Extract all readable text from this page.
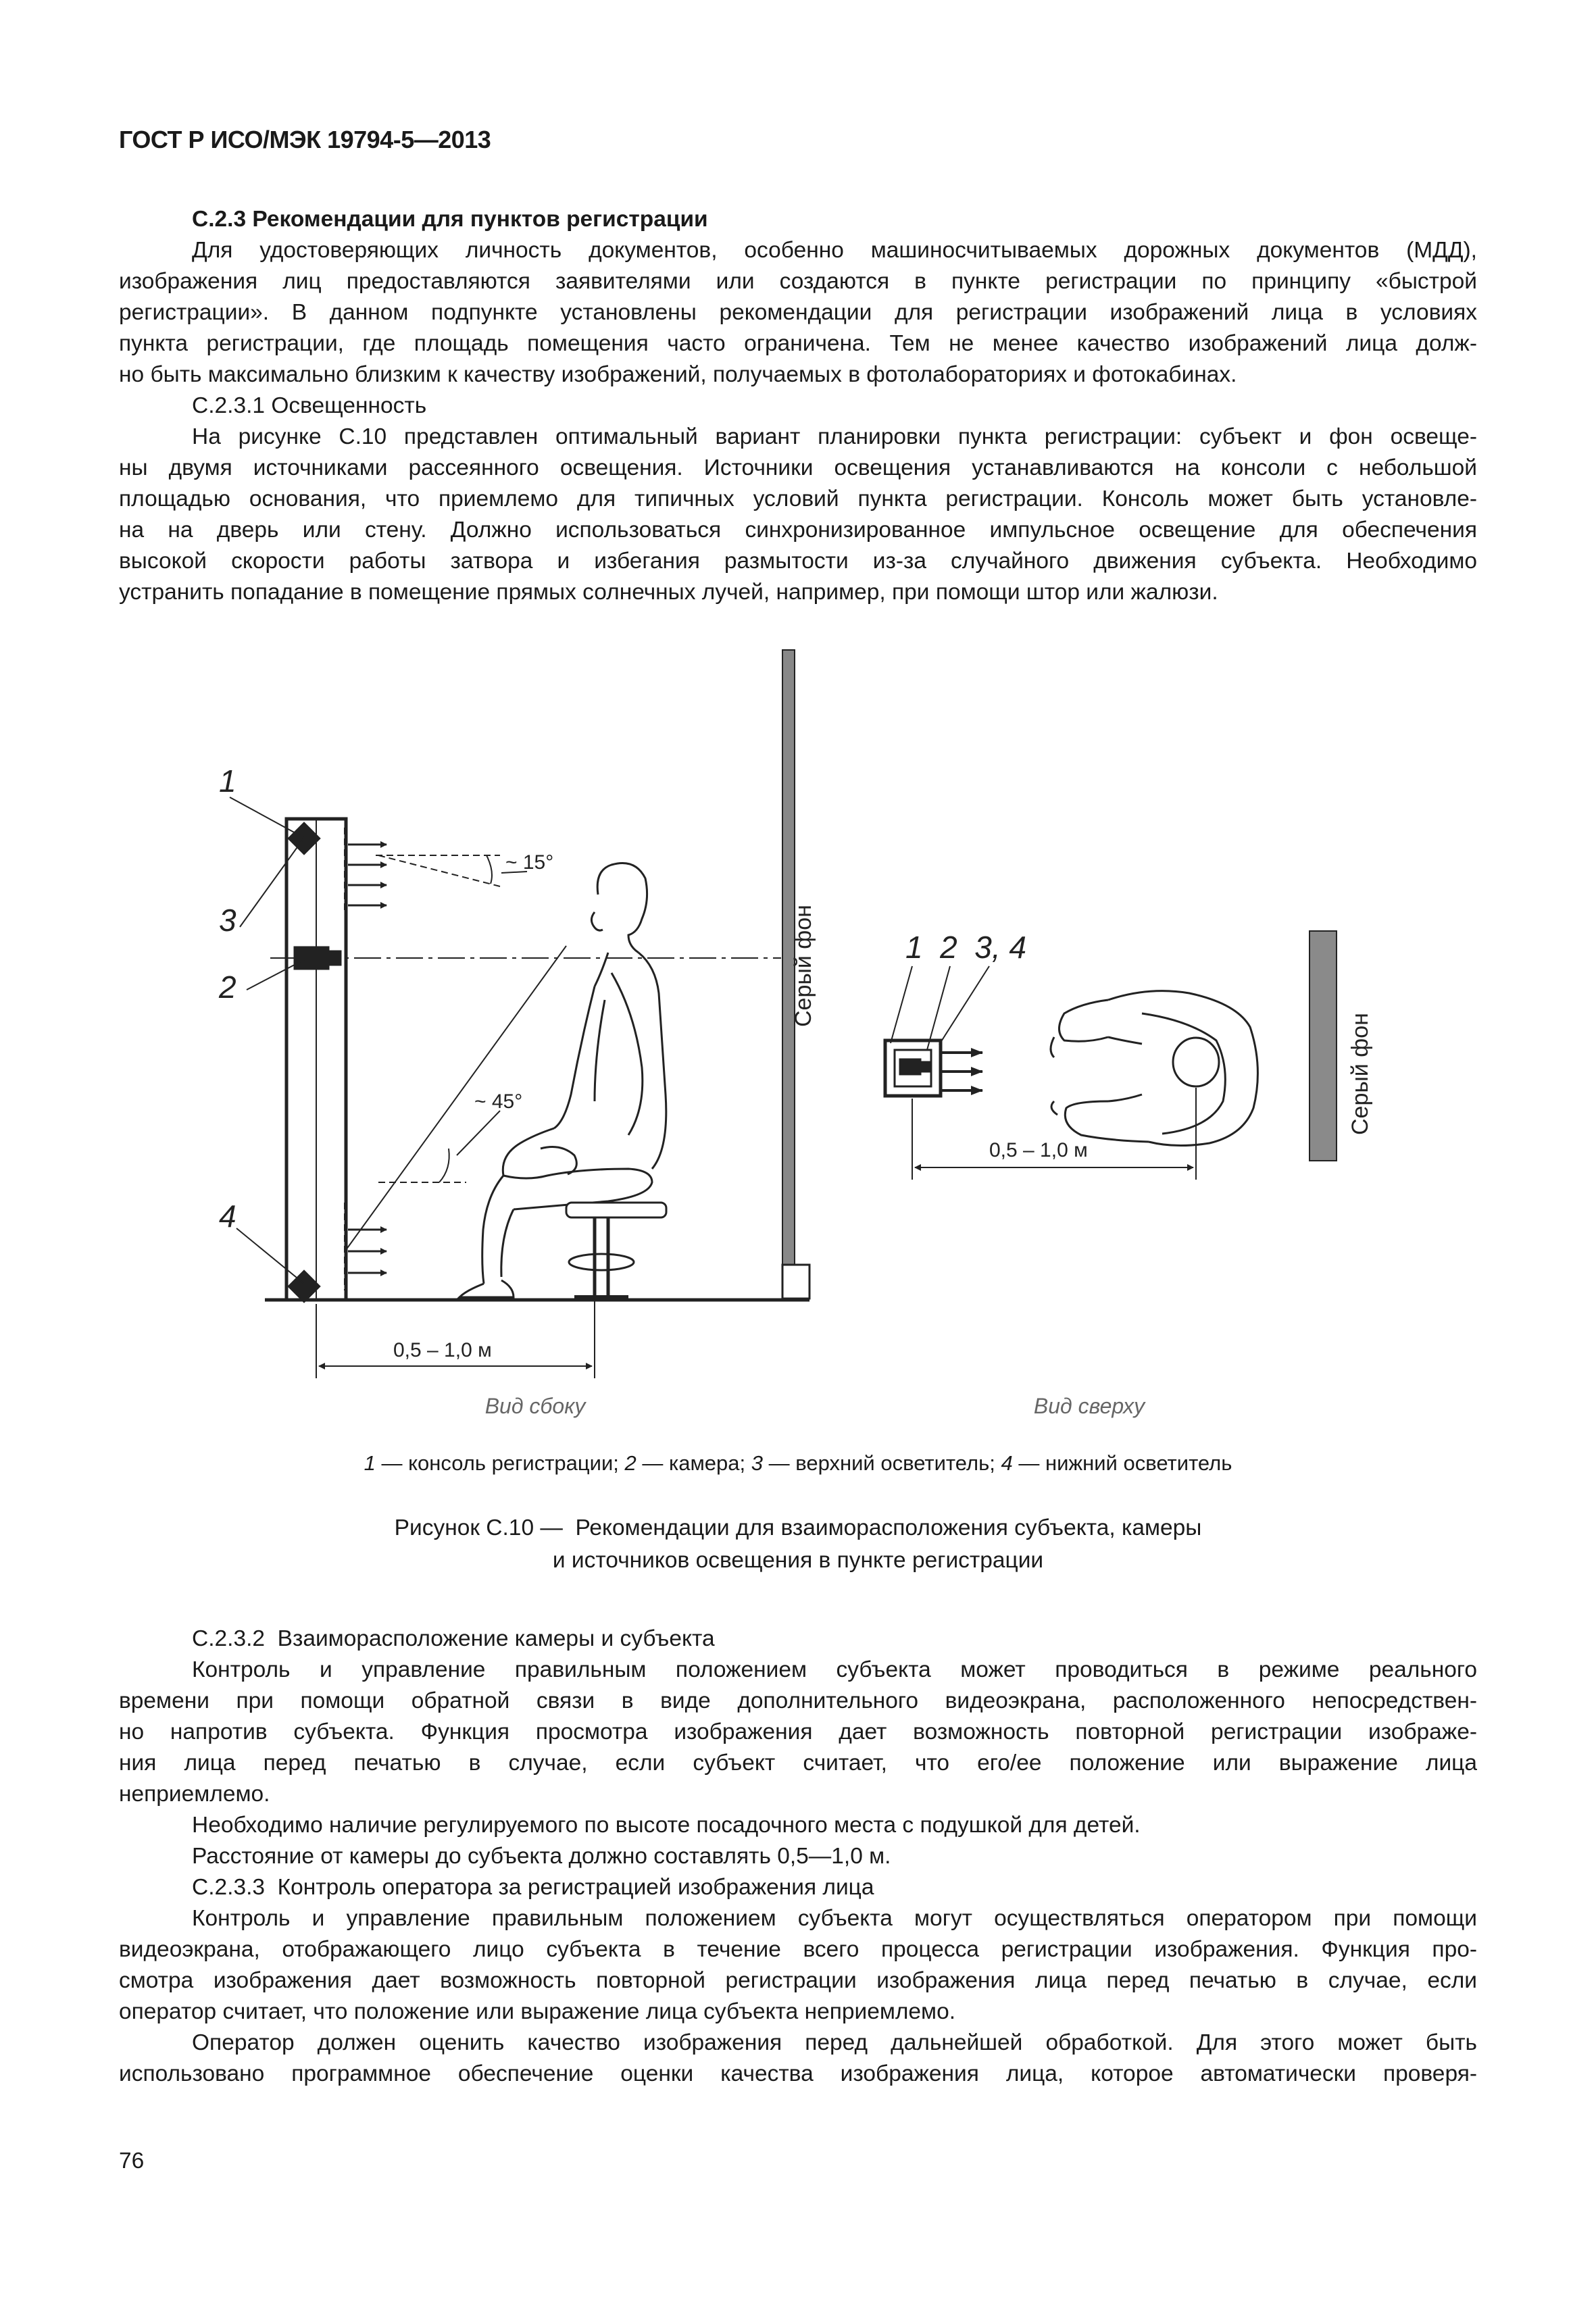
ГОСТ Р ИСО/МЭК 19794-5—2013

С.2.3 Рекомендации для пунктов регистрации

Для удостоверяющих личность документов, особенно машиносчитываемых дорожных документов (МДД),

изображения лиц предоставляются заявителями или создаются в пункте регистрации по принципу «быстрой

регистрации». В данном подпункте установлены рекомендации для регистрации изображений лица в условиях

пункта регистрации, где площадь помещения часто ограничена. Тем не менее качество изображений лица долж-

но быть максимально близким к качеству изображений, получаемых в фотолабораториях и фотокабинах.

С.2.3.1 Освещенность

На рисунке С.10 представлен оптимальный вариант планировки пункта регистрации: субъект и фон освеще-

ны двумя источниками рассеянного освещения. Источники освещения устанавливаются на консоли с небольшой

площадью основания, что приемлемо для типичных условий пункта регистрации. Консоль может быть установле-

на на дверь или стену. Должно использоваться синхронизированное импульсное освещение для обеспечения

высокой скорости работы затвора и избегания размытости из-за случайного движения субъекта. Необходимо

устранить попадание в помещение прямых солнечных лучей, например, при помощи штор или жалюзи.

1
3
2
4
~ 15°
~ 45°
0,5 – 1,0 м
Серый фон
Вид сбоку
1  2  3, 4
0,5 – 1,0 м
Серый фон
Вид сверху
1 — консоль регистрации; 2 — камера; 3 — верхний осветитель; 4 — нижний осветитель
Рисунок С.10 —  Рекомендации для взаиморасположения субъекта, камеры
и источников освещения в пункте регистрации

С.2.3.2  Взаиморасположение камеры и субъекта

Контроль и управление правильным положением субъекта может проводиться в режиме реального

времени при помощи обратной связи в виде дополнительного видеоэкрана, расположенного непосредствен-

но напротив субъекта. Функция просмотра изображения дает возможность повторной регистрации изображе-

ния лица перед печатью в случае, если субъект считает, что его/ее положение или выражение лица

неприемлемо.

Необходимо наличие регулируемого по высоте посадочного места с подушкой для детей.

Расстояние от камеры до субъекта должно составлять 0,5—1,0 м.

С.2.3.3  Контроль оператора за регистрацией изображения лица

Контроль и управление правильным положением субъекта могут осуществляться оператором при помощи

видеоэкрана, отображающего лицо субъекта в течение всего процесса регистрации изображения. Функция про-

смотра изображения дает возможность повторной регистрации изображения лица перед печатью в случае, если

оператор считает, что положение или выражение лица субъекта неприемлемо.

Оператор должен оценить качество изображения перед дальнейшей обработкой. Для этого может быть

использовано программное обеспечение оценки качества изображения лица, которое автоматически проверя-

76
